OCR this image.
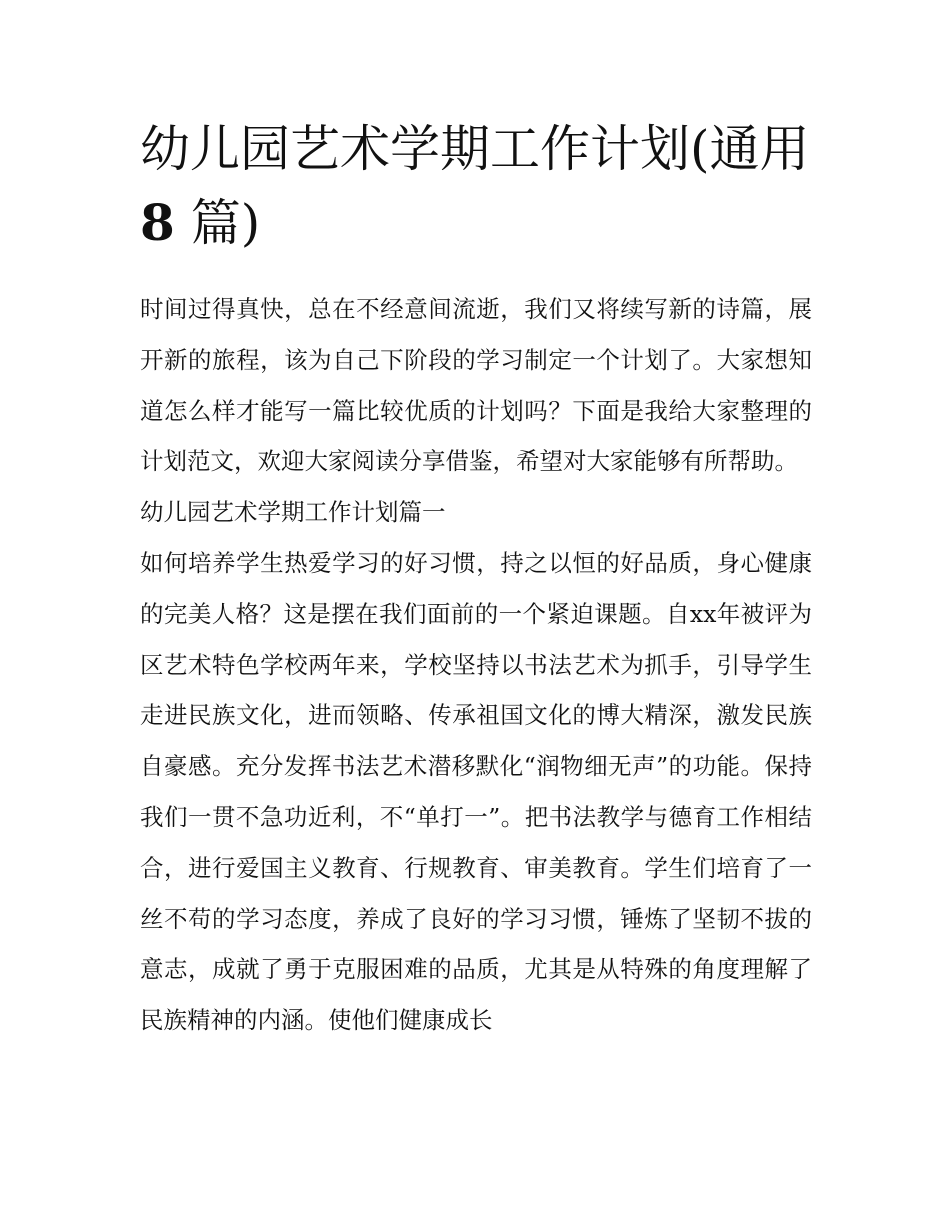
幼儿园艺术学期工作计划(通用8 篇)

时间过得真快，总在不经意间流逝，我们又将续写新的诗篇，展开新的旅程，该为自己下阶段的学习制定一个计划了。大家想知道怎么样才能写一篇比较优质的计划吗？下面是我给大家整理的计划范文，欢迎大家阅读分享借鉴，希望对大家能够有所帮助。

幼儿园艺术学期工作计划篇一

如何培养学生热爱学习的好习惯，持之以恒的好品质，身心健康的完美人格？这是摆在我们面前的一个紧迫课题。自xx年被评为区艺术特色学校两年来，学校坚持以书法艺术为抓手，引导学生走进民族文化，进而领略、传承祖国文化的博大精深，激发民族自豪感。充分发挥书法艺术潜移默化“润物细无声”的功能。保持我们一贯不急功近利，不“单打一”。把书法教学与德育工作相结合，进行爱国主义教育、行规教育、审美教育。学生们培育了一丝不苟的学习态度，养成了良好的学习习惯，锤炼了坚韧不拔的意志，成就了勇于克服困难的品质，尤其是从特殊的角度理解了民族精神的内涵。使他们健康成长
